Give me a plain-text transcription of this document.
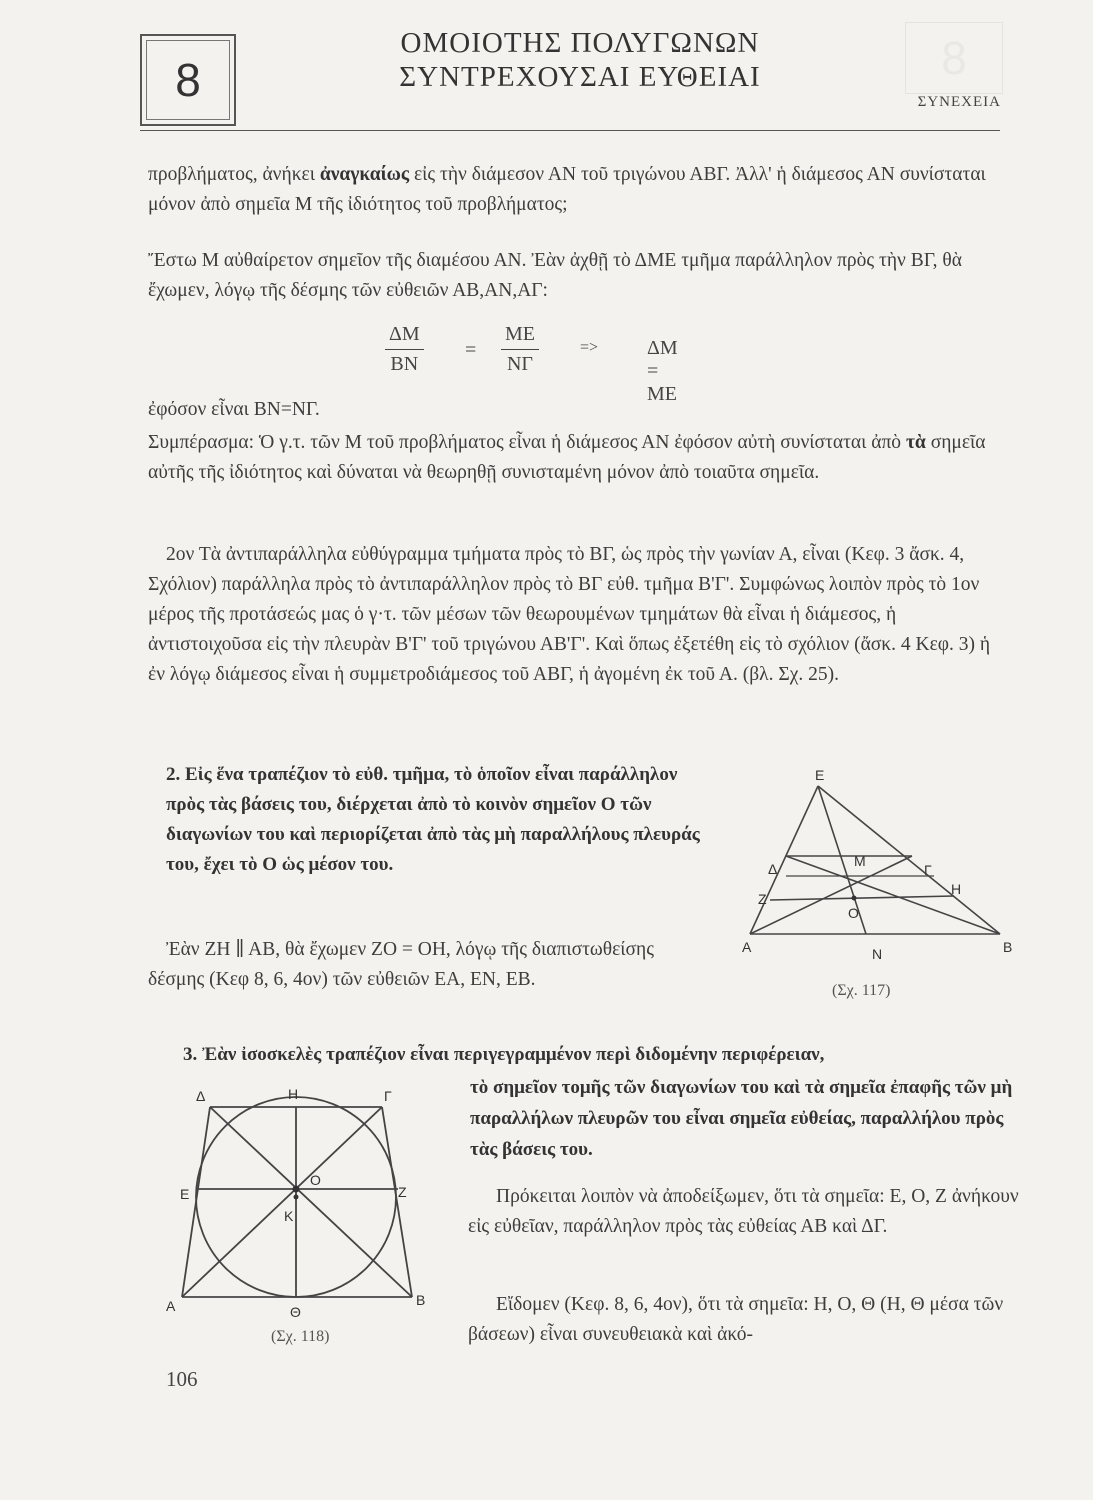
8	8
ΟΜΟΙΟΤΗΣ ΠΟΛΥΓΩΝΩΝ
ΣΥΝΤΡΕΧΟΥΣΑΙ ΕΥΘΕΙΑΙ
ΣΥΝΕΧΕΙΑ

προβλήματος, ἀνήκει ἀναγκαίως εἰς τὴν διάμεσον ΑΝ τοῦ τριγώνου ΑΒΓ. Ἀλλ' ἡ διάμεσος ΑΝ συνίσταται μόνον ἀπὸ σημεῖα Μ τῆς ἰδιότητος τοῦ προβλήματος;

Ἔστω Μ αὐθαίρετον σημεῖον τῆς διαμέσου ΑΝ. Ἐὰν ἀχθῇ τὸ ΔΜΕ τμῆμα παράλληλον πρὸς τὴν ΒΓ, θὰ ἔχωμεν, λόγῳ τῆς δέσμης τῶν εὐθειῶν ΑΒ,ΑΝ,ΑΓ:

ΔΜ
ΒΝ
=
ΜΕ
ΝΓ
=> ΔΜ = ΜΕ

ἐφόσον εἶναι ΒΝ=ΝΓ.

Συμπέρασμα: Ὁ γ.τ. τῶν Μ τοῦ προβλήματος εἶναι ἡ διάμεσος ΑΝ ἐφόσον αὐτὴ συνίσταται ἀπὸ τὰ σημεῖα αὐτῆς τῆς ἰδιότητος καὶ δύναται νὰ θεωρηθῇ συνισταμένη μόνον ἀπὸ τοιαῦτα σημεῖα.

2ον Τὰ ἀντιπαράλληλα εὐθύγραμμα τμήματα πρὸς τὸ ΒΓ, ὡς πρὸς τὴν γωνίαν Α, εἶναι (Κεφ. 3 ἄσκ. 4, Σχόλιον) παράλληλα πρὸς τὸ ἀντιπαράλληλον πρὸς τὸ ΒΓ εὐθ. τμῆμα Β'Γ'. Συμφώνως λοιπὸν πρὸς τὸ 1ον μέρος τῆς προτάσεώς μας ὁ γ·τ. τῶν μέσων τῶν θεωρουμένων τμημάτων θὰ εἶναι ἡ διάμεσος, ἡ ἀντιστοιχοῦσα εἰς τὴν πλευρὰν Β'Γ' τοῦ τριγώνου ΑΒ'Γ'. Καὶ ὅπως ἐξετέθη εἰς τὸ σχόλιον (ἄσκ. 4 Κεφ. 3) ἡ ἐν λόγῳ διάμεσος εἶναι ἡ συμμετροδιάμεσος τοῦ ΑΒΓ, ἡ ἀγομένη ἐκ τοῦ Α. (βλ. Σχ. 25).

2. Εἰς ἕνα τραπέζιον τὸ εὐθ. τμῆμα, τὸ ὁποῖον εἶναι παράλληλον πρὸς τὰς βάσεις του, διέρχεται ἀπὸ τὸ κοινὸν σημεῖον Ο τῶν διαγωνίων του καὶ περιορίζεται ἀπὸ τὰς μὴ παραλλήλους πλευράς του, ἔχει τὸ Ο ὡς μέσον του.

Ἐὰν ΖΗ ∥ ΑΒ, θὰ ἔχωμεν ΖΟ = ΟΗ, λόγῳ τῆς διαπιστωθείσης δέσμης (Κεφ 8, 6, 4ον) τῶν εὐθειῶν ΕΑ, ΕΝ, ΕΒ.

Ε
Δ	Μ
Γ
Ζ
Η
Ο
Α	Ν	Β
(Σχ. 117)

3. Ἐὰν ἰσοσκελὲς τραπέζιον εἶναι περιγεγραμμένον περὶ διδομένην περιφέρειαν,

τὸ σημεῖον τομῆς τῶν διαγωνίων του καὶ τὰ σημεῖα ἐπαφῆς τῶν μὴ παραλλήλων πλευρῶν του εἶναι σημεῖα εὐθείας, παραλλήλου πρὸς τὰς βάσεις του.

Πρόκειται λοιπὸν νὰ ἀποδείξωμεν, ὅτι τὰ σημεῖα: Ε, Ο, Ζ ἀνήκουν εἰς εὐθεῖαν, παράλληλον πρὸς τὰς εὐθείας ΑΒ καὶ ΔΓ.

Εἴδομεν (Κεφ. 8, 6, 4ον), ὅτι τὰ σημεῖα: Η, Ο, Θ (Η, Θ μέσα τῶν βάσεων) εἶναι συνευθειακὰ καὶ ἀκό-

Δ	Η	Γ
Ε
Ο
Ζ
Κ
Α	Θ
Β
(Σχ. 118)
106
